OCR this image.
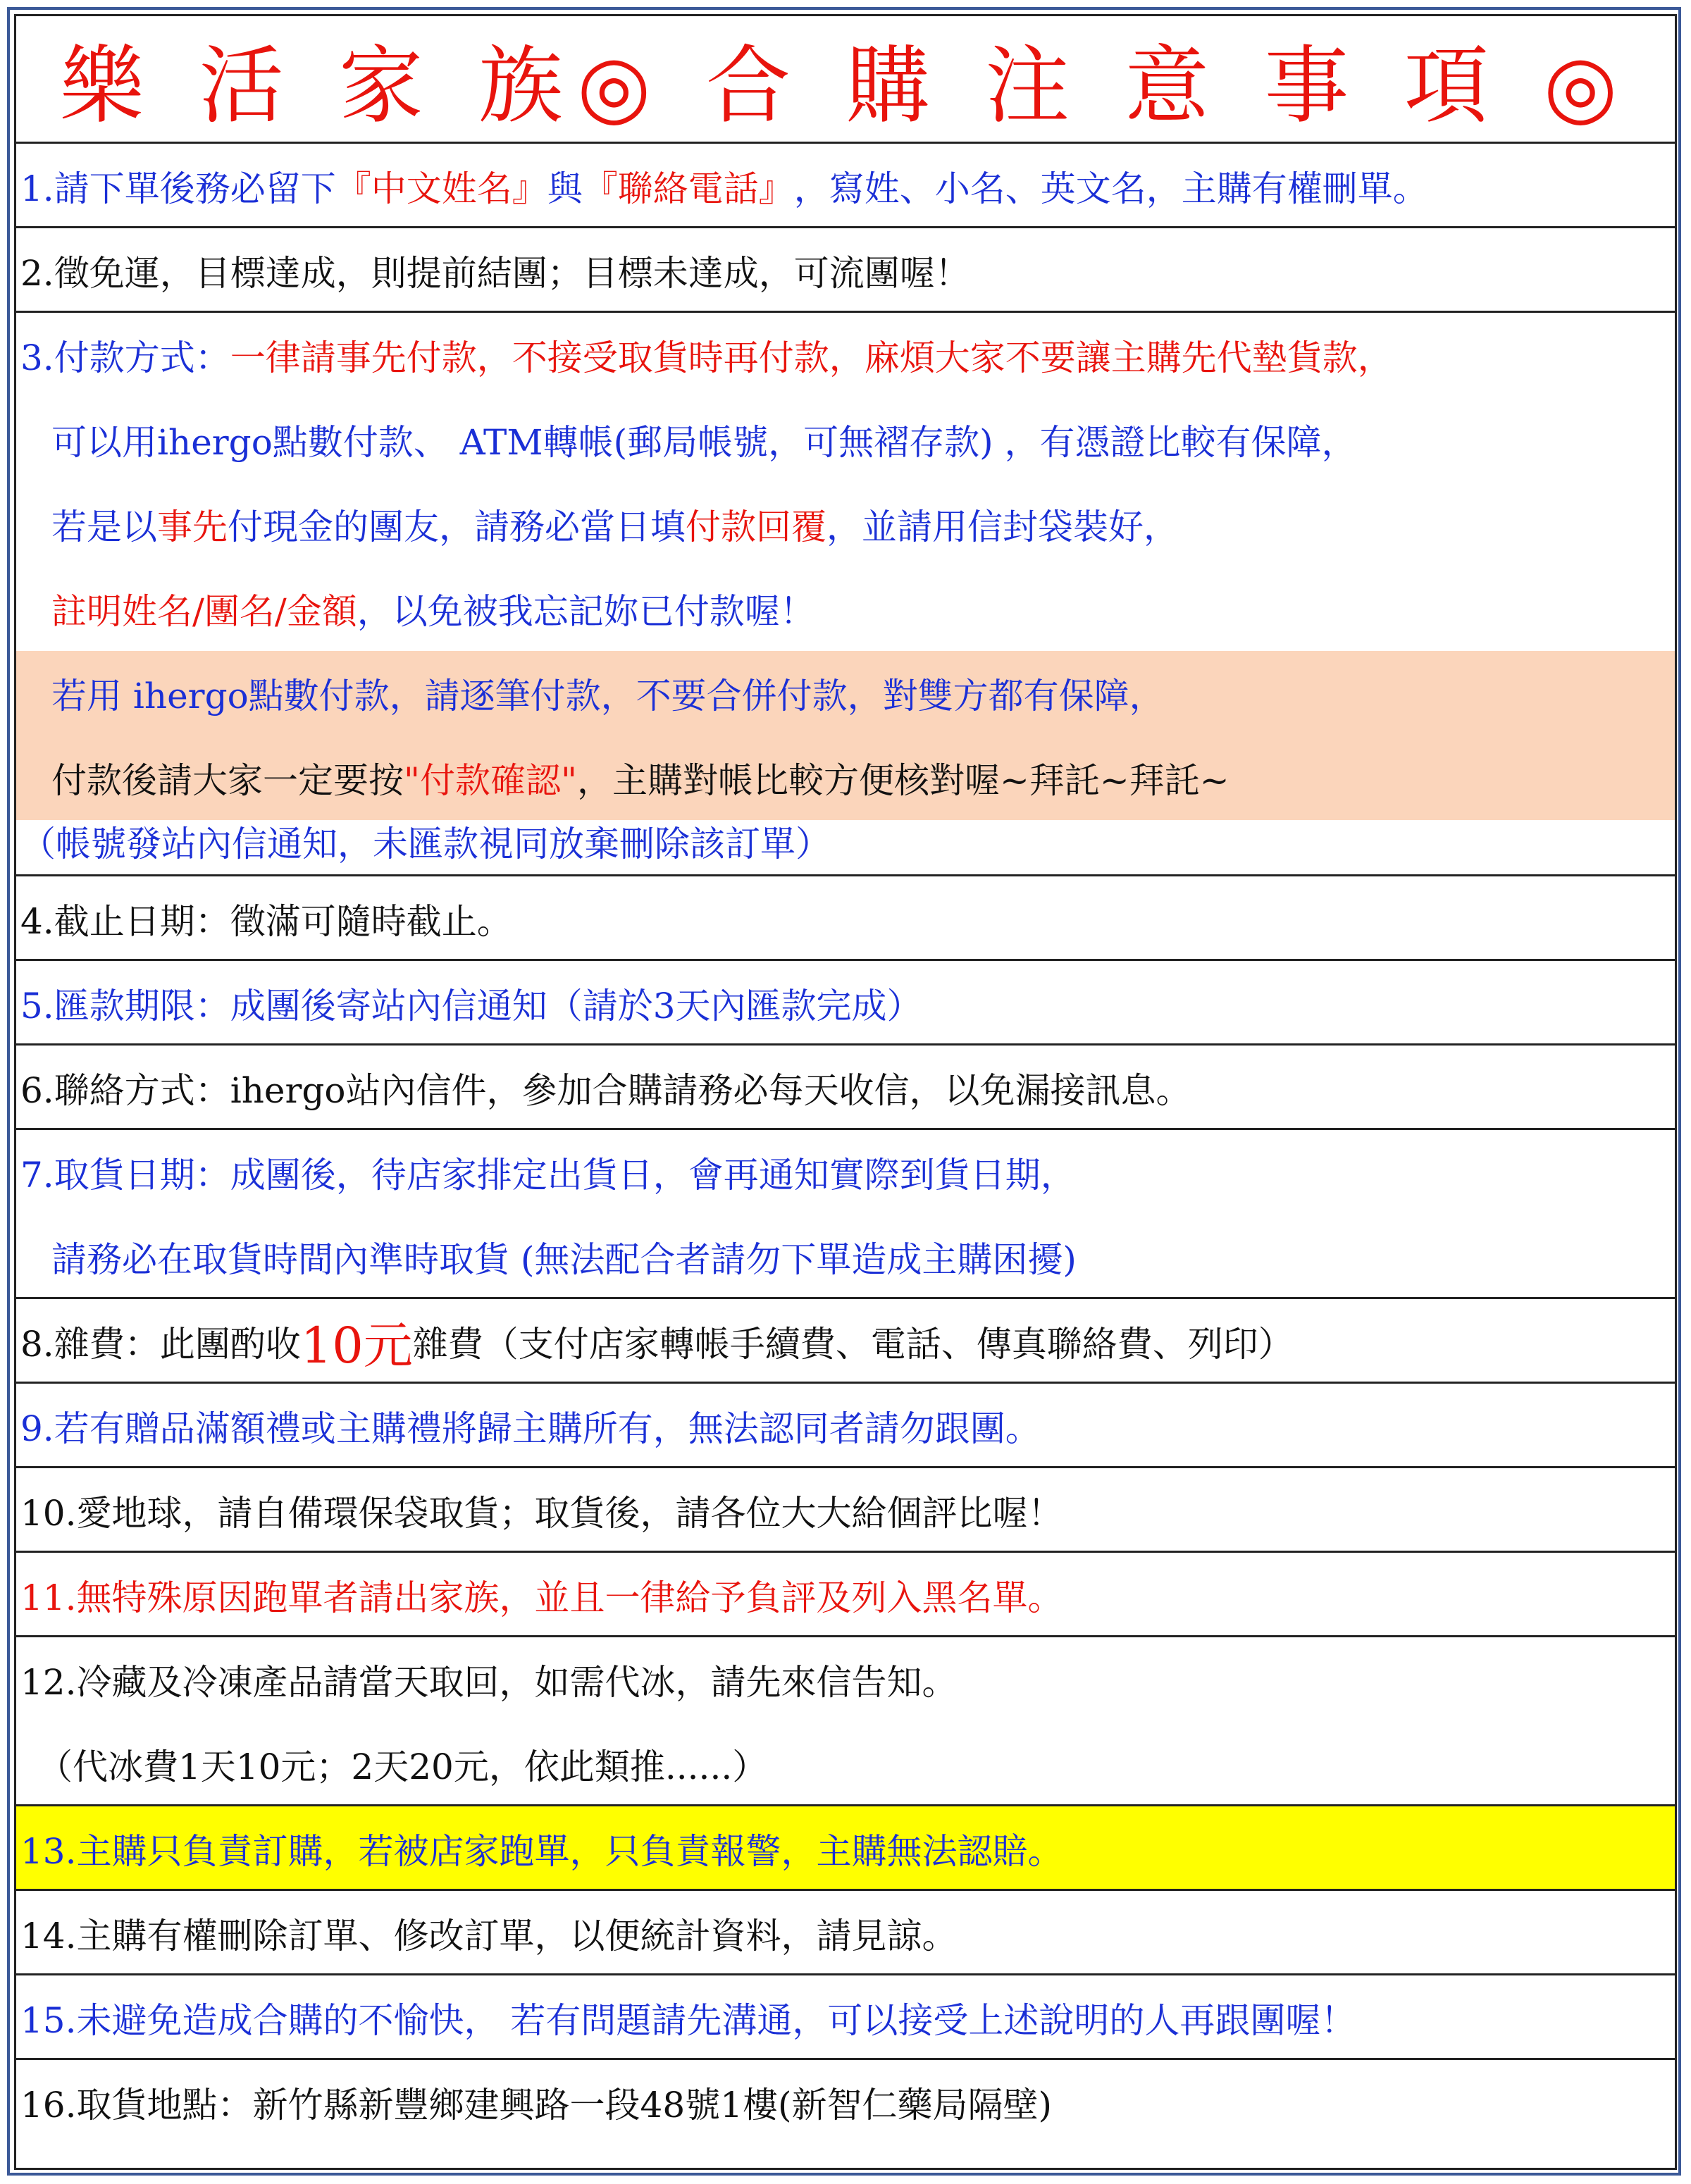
樂 活 家 族◎ 合 購 注 意 事 項 ◎
1.請下單後務必留下 『中文姓名』 與 『聯絡電話』 ，寫姓、小名、英文名，主購有權刪單。
2.徵免運，目標達成，則提前結團；目標未達成，可流團喔！
3.付款方式： 一律請事先付款，不接受取貨時再付款，麻煩大家不要讓主購先代墊貨款，
可以用ihergo點數付款、 ATM轉帳(郵局帳號，可無褶存款) ，有憑證比較有保障，
若是以 事先 付現金的團友，請務必當日填 付款回覆 ，並請用信封袋裝好，
註明姓名/團名/金額 ，以免被我忘記妳已付款喔！
若用 ihergo點數付款，請逐筆付款，不要合併付款，對雙方都有保障，
付款後請大家一定要按 "付款確認" ，主購對帳比較方便核對喔~拜託~拜託~
（帳號發站內信通知，未匯款視同放棄刪除該訂單）
4.截止日期：徵滿可隨時截止。
5.匯款期限：成團後寄站內信通知（請於3天內匯款完成）
6.聯絡方式：ihergo站內信件，參加合購請務必每天收信，以免漏接訊息。
7.取貨日期：成團後，待店家排定出貨日，會再通知實際到貨日期，
請務必在取貨時間內準時取貨 (無法配合者請勿下單造成主購困擾)
8.雜費：此團酌收 10元 雜費（支付店家轉帳手續費、電話、傳真聯絡費、列印）
9.若有贈品滿額禮或主購禮將歸主購所有，無法認同者請勿跟團。
10.愛地球，請自備環保袋取貨；取貨後，請各位大大給個評比喔！
11.無特殊原因跑單者請出家族，並且一律給予負評及列入黑名單。
12.冷藏及冷凍產品請當天取回，如需代冰，請先來信告知。
（代冰費1天10元；2天20元，依此類推......）
13.主購只負責訂購，若被店家跑單，只負責報警，主購無法認賠。
14.主購有權刪除訂單、修改訂單，以便統計資料，請見諒。
15.未避免造成合購的不愉快， 若有問題請先溝通，可以接受上述說明的人再跟團喔！
16.取貨地點：新竹縣新豐鄉建興路一段48號1樓(新智仁藥局隔壁)
